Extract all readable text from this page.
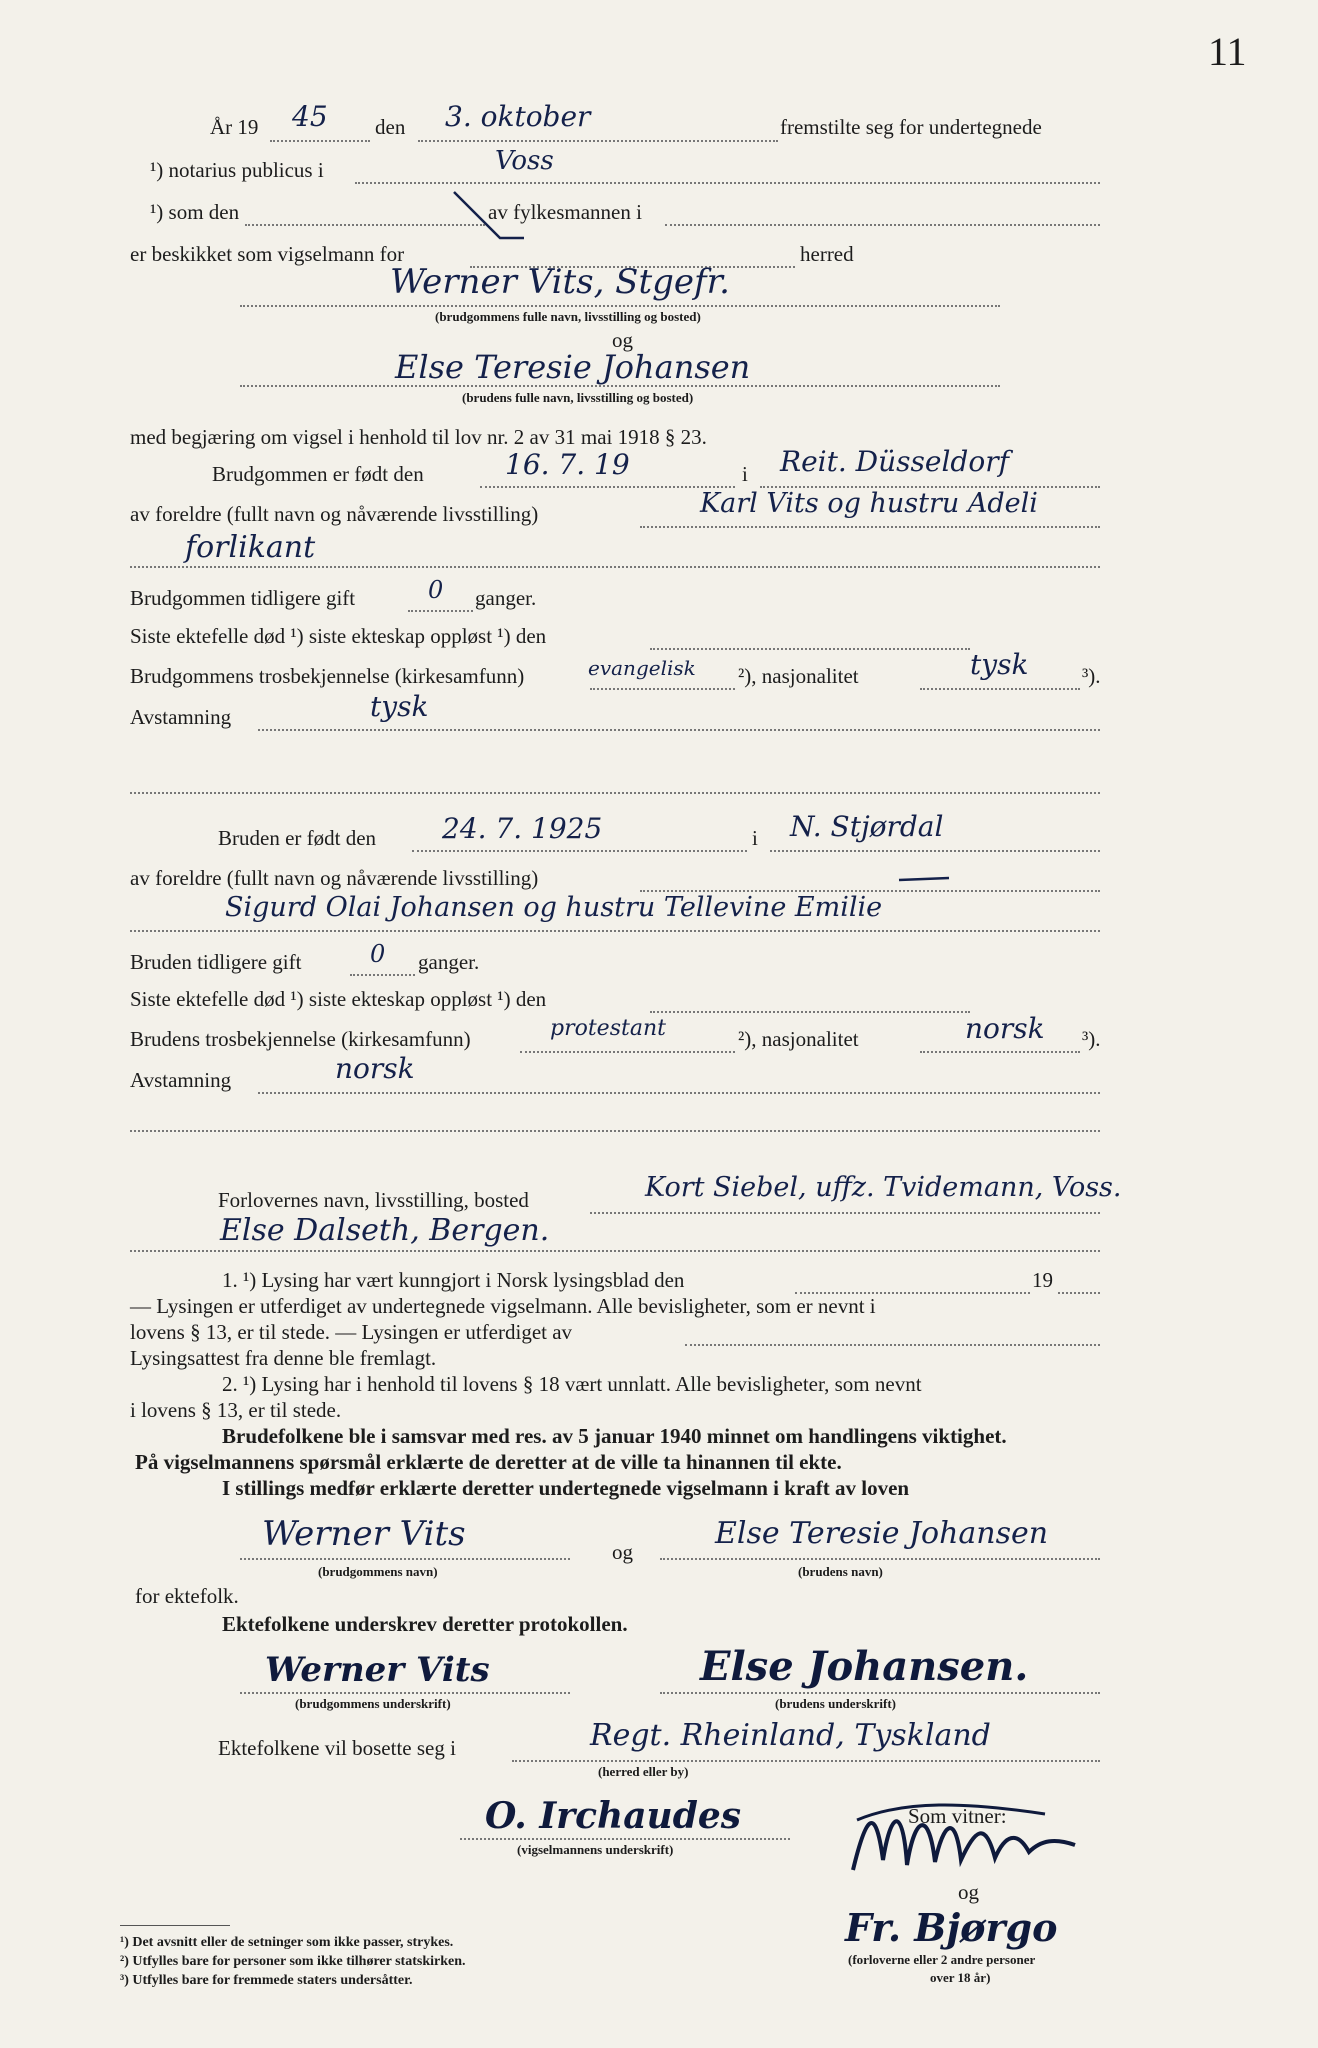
11
År 19 45 den 3. oktober	fremstilte seg for undertegnede
¹) notarius publicus i	Voss
¹) som den	av fylkesmannen i
er beskikket som vigselmann for	herred
Werner Vits, Stgefr.
(brudgommens fulle navn, livsstilling og bosted)
og
Else Teresie Johansen
(brudens fulle navn, livsstilling og bosted)
med begjæring om vigsel i henhold til lov nr. 2 av 31 mai 1918 § 23.
Brudgommen er født den	16. 7. 19	i Reit. Düsseldorf
av foreldre (fullt navn og nåværende livsstilling)	Karl Vits og hustru Adeli
forlikant
Brudgommen tidligere gift	0 ganger.
Siste ektefelle død ¹) siste ekteskap oppløst ¹) den
Brudgommens trosbekjennelse (kirkesamfunn)	evangelisk ²), nasjonalitet	tysk	³).
Avstamning	tysk
Bruden er født den 24. 7. 1925	i N. Stjørdal
av foreldre (fullt navn og nåværende livsstilling)
Sigurd Olai Johansen og hustru Tellevine Emilie
Bruden tidligere gift	0 ganger.
Siste ektefelle død ¹) siste ekteskap oppløst ¹) den
Brudens trosbekjennelse (kirkesamfunn)	protestant	²), nasjonalitet	norsk ³).
Avstamning	norsk
Forlovernes navn, livsstilling, bosted	Kort Siebel, uffz. Tvidemann, Voss.
Else Dalseth, Bergen.
1. ¹) Lysing har vært kunngjort i Norsk lysingsblad den	19
— Lysingen er utferdiget av undertegnede vigselmann. Alle bevisligheter, som er nevnt i
lovens § 13, er til stede. — Lysingen er utferdiget av
Lysingsattest fra denne ble fremlagt.
2. ¹) Lysing har i henhold til lovens § 18 vært unnlatt. Alle bevisligheter, som nevnt
i lovens § 13, er til stede.
Brudefolkene ble i samsvar med res. av 5 januar 1940 minnet om handlingens viktighet.
På vigselmannens spørsmål erklærte de deretter at de ville ta hinannen til ekte.
I stillings medfør erklærte deretter undertegnede vigselmann i kraft av loven
Werner Vits
(brudgommens navn)
og
Else Teresie Johansen
(brudens navn)
for ektefolk.
Ektefolkene underskrev deretter protokollen.
Werner Vits
(brudgommens underskrift)
Else Johansen.
(brudens underskrift)
Ektefolkene vil bosette seg i	Regt. Rheinland, Tyskland
(herred eller by)
O. Irchaudes
(vigselmannens underskrift)
Som vitner:
og
Fr. Bjørgo
(forloverne eller 2 andre personer
over 18 år)
¹) Det avsnitt eller de setninger som ikke passer, strykes.
²) Utfylles bare for personer som ikke tilhører statskirken.
³) Utfylles bare for fremmede staters undersåtter.
